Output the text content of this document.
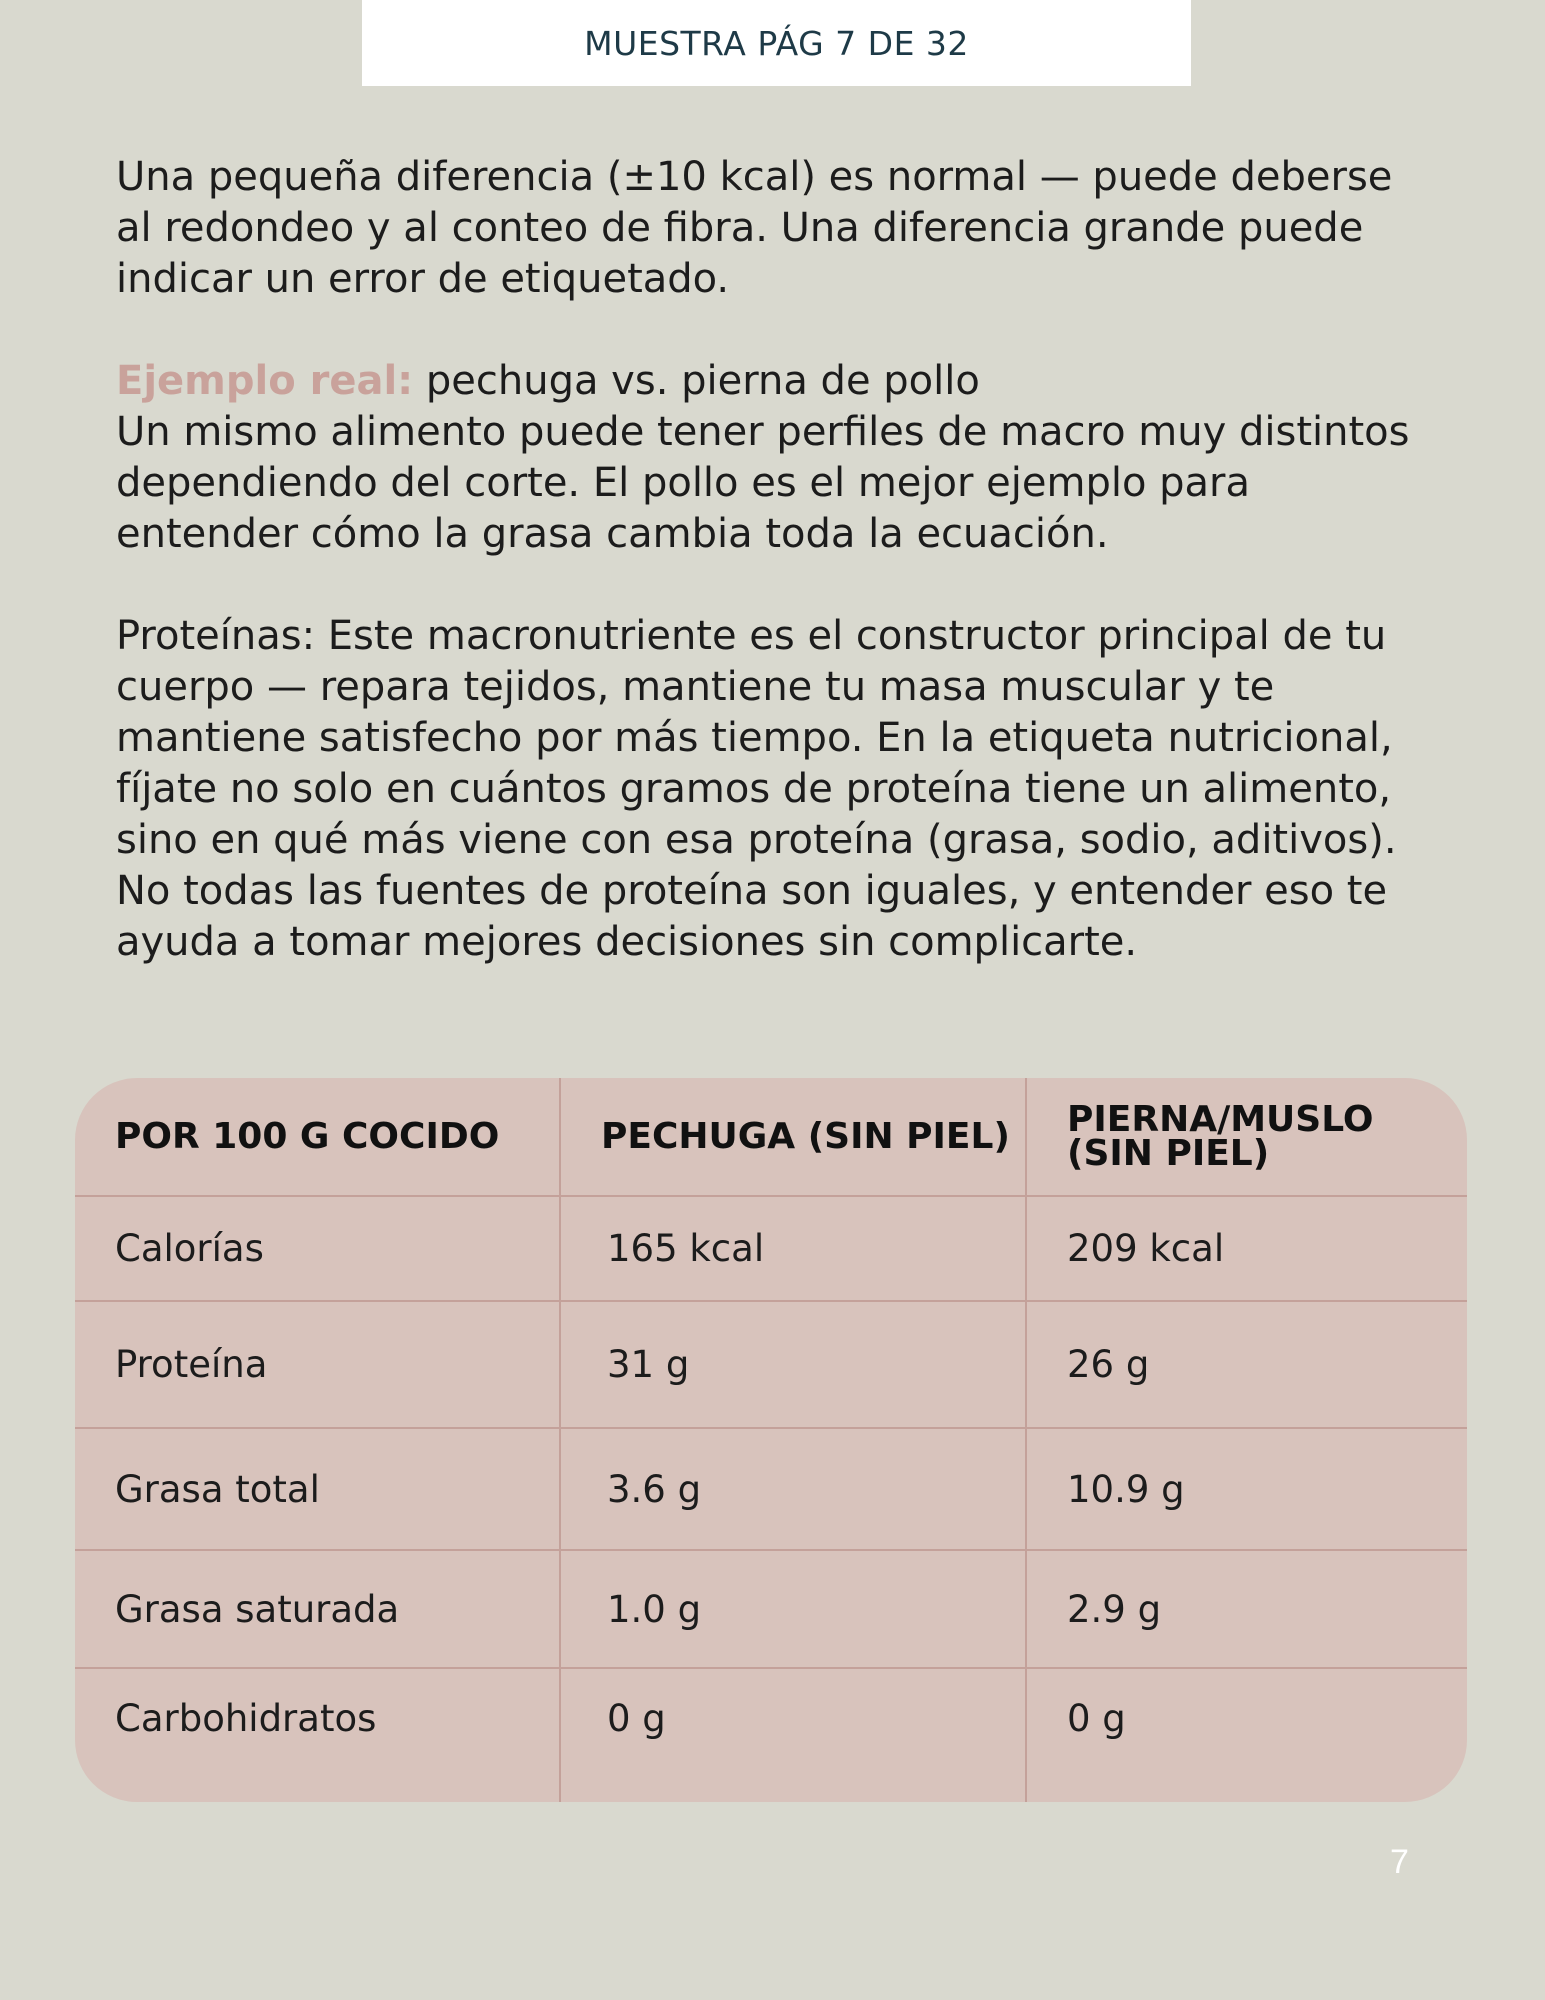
MUESTRA PÁG 7 DE 32

Una pequeña diferencia (±10 kcal) es normal — puede deberse al redondeo y al conteo de fibra. Una diferencia grande puede indicar un error de etiquetado.

Ejemplo real: pechuga vs. pierna de pollo

Un mismo alimento puede tener perfiles de macro muy distintos dependiendo del corte. El pollo es el mejor ejemplo para entender cómo la grasa cambia toda la ecuación.

Proteínas: Este macronutriente es el constructor principal de tu cuerpo — repara tejidos, mantiene tu masa muscular y te mantiene satisfecho por más tiempo. En la etiqueta nutricional, fíjate no solo en cuántos gramos de proteína tiene un alimento, sino en qué más viene con esa proteína (grasa, sodio, aditivos). No todas las fuentes de proteína son iguales, y entender eso te ayuda a tomar mejores decisiones sin complicarte.

POR 100 G COCIDO	PECHUGA (SIN PIEL)	PIERNA/MUSLO (SIN PIEL)
Calorías	165 kcal	209 kcal
Proteína	31 g	26 g
Grasa total	3.6 g	10.9 g
Grasa saturada	1.0 g	2.9 g
Carbohidratos	0 g	0 g
7
